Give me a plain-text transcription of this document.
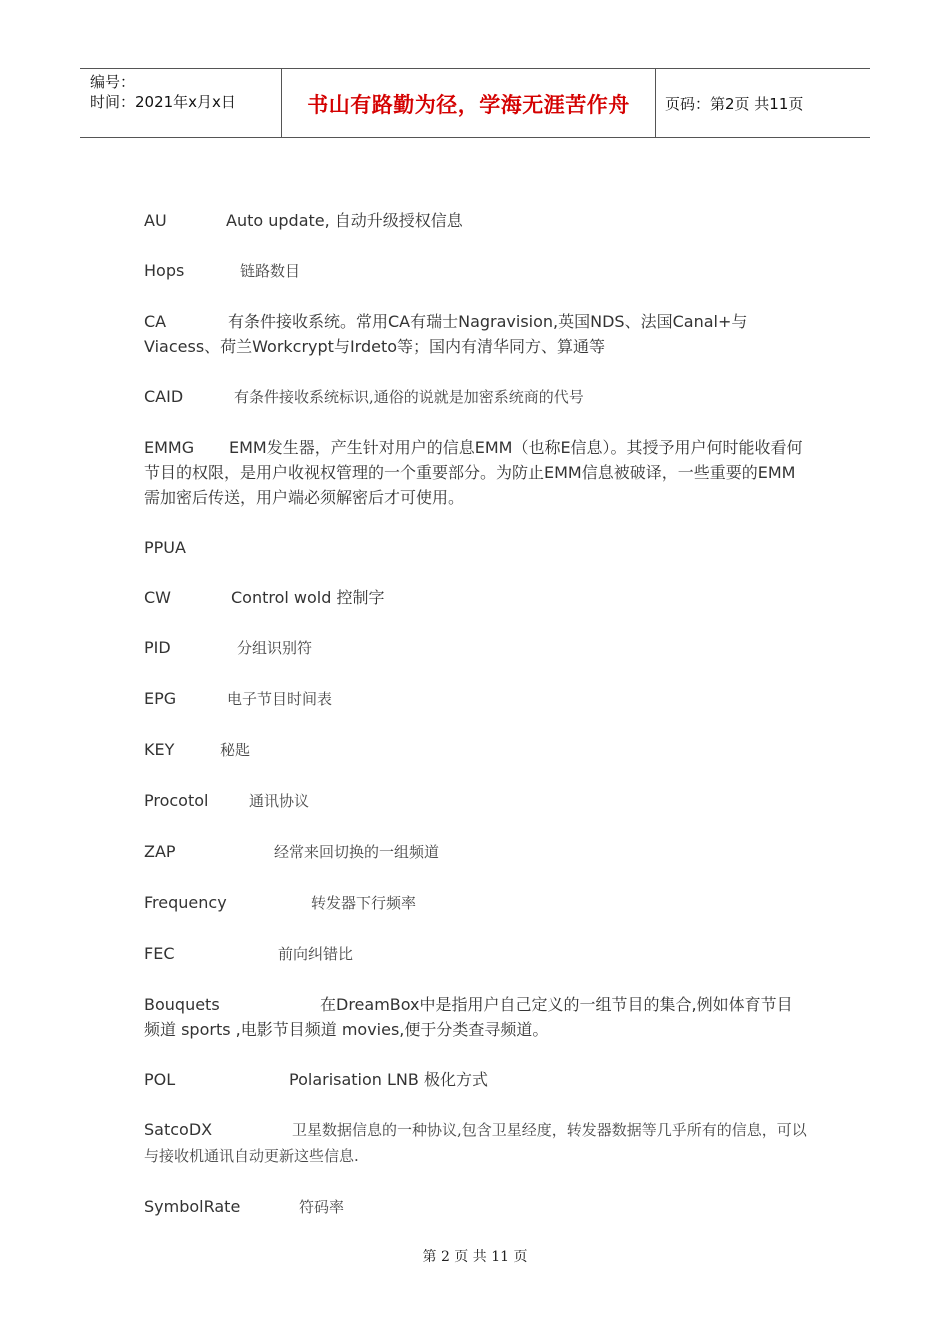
编号：
时间：2021年x月x日	书山有路勤为径，学海无涯苦作舟	页码：第2页 共11页
AU	Auto update, 自动升级授权信息
Hops	链路数目
CA	有条件接收系统。常用CA有瑞士Nagravision,英国NDS、法国Canal+与Viacess、荷兰Workcrypt与Irdeto等；国内有清华同方、算通等
CAID	有条件接收系统标识,通俗的说就是加密系统商的代号
EMMG EMM发生器，产生针对用户的信息EMM（也称E信息）。其授予用户何时能收看何节目的权限，是用户收视权管理的一个重要部分。为防止EMM信息被破译，一些重要的EMM需加密后传送，用户端必须解密后才可使用。
PPUA
CW	Control wold 控制字
PID	分组识别符
EPG	电子节目时间表
KEY	秘匙
Procotol	通讯协议
ZAP	经常来回切换的一组频道
Frequency	转发器下行频率
FEC	前向纠错比
Bouquets	在DreamBox中是指用户自己定义的一组节目的集合,例如体育节目频道 sports ,电影节目频道 movies,便于分类查寻频道。
POL	Polarisation LNB 极化方式
SatcoDX	卫星数据信息的一种协议,包含卫星经度，转发器数据等几乎所有的信息，可以与接收机通讯自动更新这些信息.
SymbolRate	符码率
第 2 页 共 11 页
